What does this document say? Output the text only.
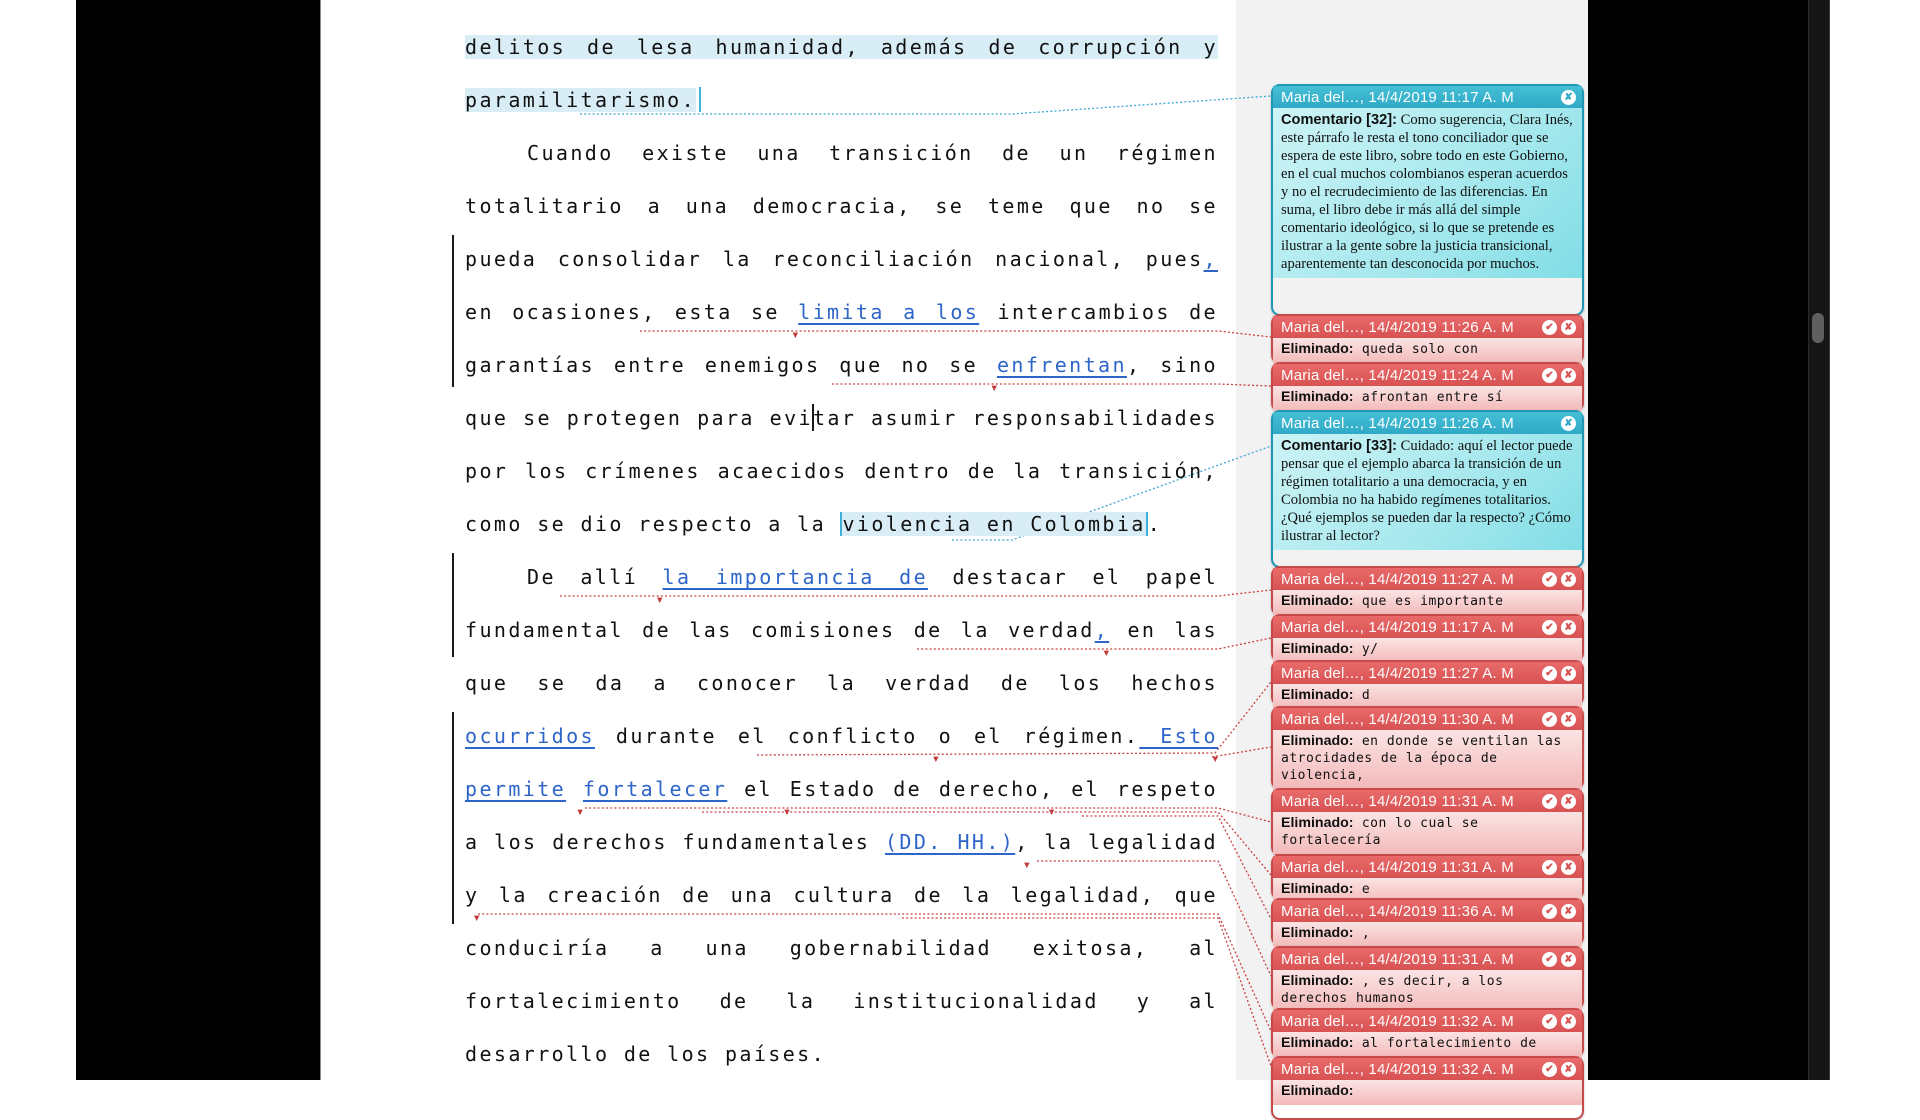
delitos de lesa humanidad, además de corrupción y
paramilitarismo.
Cuando existe una transición de un régimen
totalitario a una democracia, se teme que no se
pueda consolidar la reconciliación nacional, pues,
en ocasiones, esta se limita a los intercambios de
garantías entre enemigos que no se enfrentan, sino
que se protegen para evitar asumir responsabilidades
por los crímenes acaecidos dentro de la transición,
como se dio respecto a la violencia en Colombia .
De allí la importancia de destacar el papel
fundamental de las comisiones de la verdad, en las
que se da a conocer la verdad de los hechos
ocurridos durante el conflicto o el régimen. Esto
permite fortalecer el Estado de derecho, el respeto
a los derechos fundamentales (DD. HH.), la legalidad
y la creación de una cultura de la legalidad, que
conduciría a una gobernabilidad exitosa, al
fortalecimiento de la institucionalidad y al
desarrollo de los países.
Maria del…, 14/4/2019 11:17 A. M	✘
Comentario [32]: Como sugerencia, Clara Inés, este párrafo le resta el tono conciliador que se espera de este libro, sobre todo en este Gobierno, en el cual muchos colombianos esperan acuerdos y no el recrudecimiento de las diferencias. En suma, el libro debe ir más allá del simple comentario ideológico, si lo que se pretende es ilustrar a la gente sobre la justicia transicional, aparentemente tan desconocida por muchos.
Maria del…, 14/4/2019 11:26 A. M	✔	✘
Eliminado: queda solo con
Maria del…, 14/4/2019 11:24 A. M	✔	✘
Eliminado: afrontan entre sí
Maria del…, 14/4/2019 11:26 A. M	✘
Comentario [33]: Cuidado: aquí el lector puede pensar que el ejemplo abarca la transición de un régimen totalitario a una democracia, y en Colombia no ha habido regímenes totalitarios. ¿Qué ejemplos se pueden dar la respecto? ¿Cómo ilustrar al lector?
Maria del…, 14/4/2019 11:27 A. M	✔	✘
Eliminado: que es importante
Maria del…, 14/4/2019 11:17 A. M	✔	✘
Eliminado: y/
Maria del…, 14/4/2019 11:27 A. M	✔	✘
Eliminado: d
Maria del…, 14/4/2019 11:30 A. M	✔	✘
Eliminado: en donde se ventilan las atrocidades de la época de violencia,
Maria del…, 14/4/2019 11:31 A. M	✔	✘
Eliminado: con lo cual se fortalecería
Maria del…, 14/4/2019 11:31 A. M	✔	✘
Eliminado: e
Maria del…, 14/4/2019 11:36 A. M	✔	✘
Eliminado: ,
Maria del…, 14/4/2019 11:31 A. M	✔	✘
Eliminado: , es decir, a los derechos humanos
Maria del…, 14/4/2019 11:32 A. M	✔	✘
Eliminado: al fortalecimiento de
Maria del…, 14/4/2019 11:32 A. M	✔	✘
Eliminado:
